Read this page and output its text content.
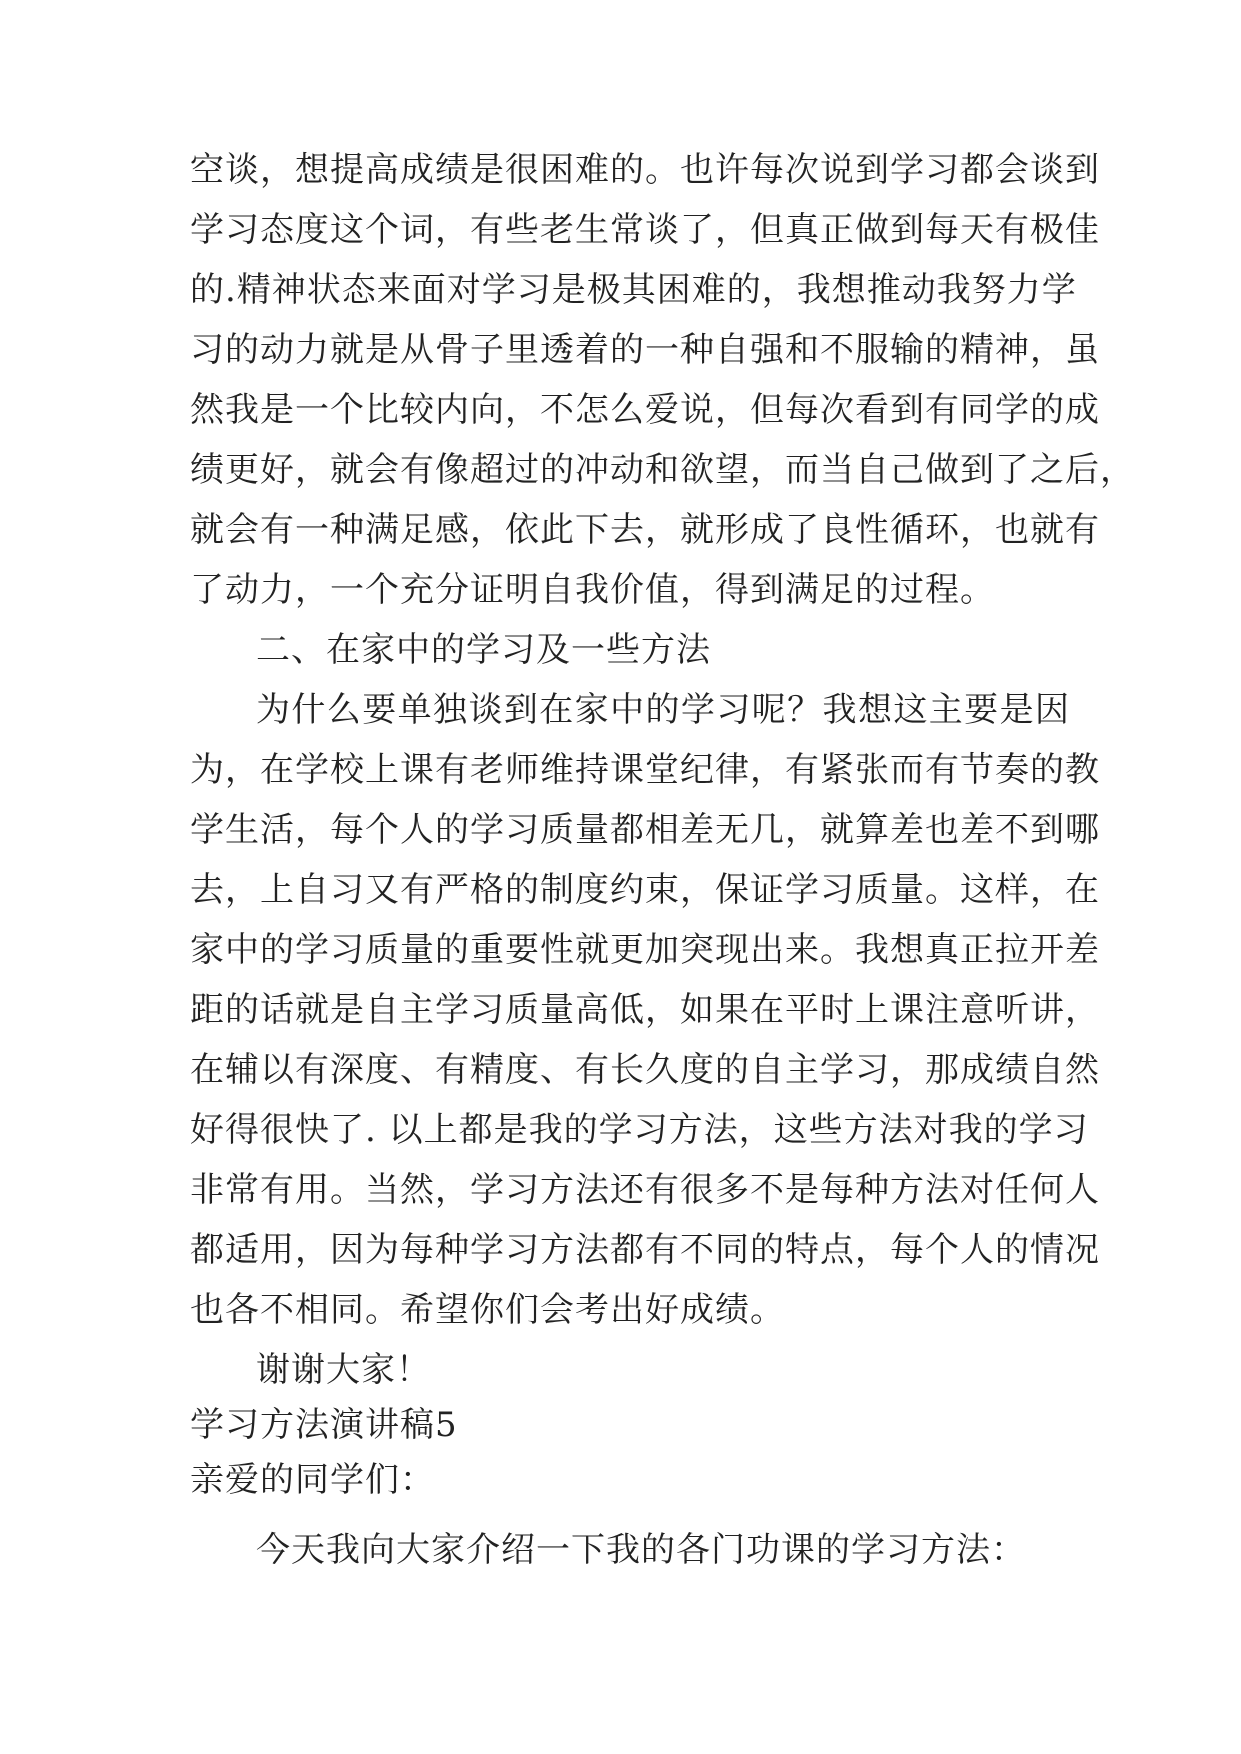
空谈，想提高成绩是很困难的。也许每次说到学习都会谈到
学习态度这个词，有些老生常谈了，但真正做到每天有极佳
的.精神状态来面对学习是极其困难的，我想推动我努力学
习的动力就是从骨子里透着的一种自强和不服输的精神，虽
然我是一个比较内向，不怎么爱说，但每次看到有同学的成
绩更好，就会有像超过的冲动和欲望，而当自己做到了之后，
就会有一种满足感，依此下去，就形成了良性循环，也就有
了动力，一个充分证明自我价值，得到满足的过程。
二、在家中的学习及一些方法
为什么要单独谈到在家中的学习呢？我想这主要是因
为，在学校上课有老师维持课堂纪律，有紧张而有节奏的教
学生活，每个人的学习质量都相差无几，就算差也差不到哪
去，上自习又有严格的制度约束，保证学习质量。这样，在
家中的学习质量的重要性就更加突现出来。我想真正拉开差
距的话就是自主学习质量高低，如果在平时上课注意听讲，
在辅以有深度、有精度、有长久度的自主学习，那成绩自然
好得很快了. 以上都是我的学习方法，这些方法对我的学习
非常有用。当然，学习方法还有很多不是每种方法对任何人
都适用，因为每种学习方法都有不同的特点，每个人的情况
也各不相同。希望你们会考出好成绩。
谢谢大家！
学习方法演讲稿5
亲爱的同学们：
今天我向大家介绍一下我的各门功课的学习方法：
